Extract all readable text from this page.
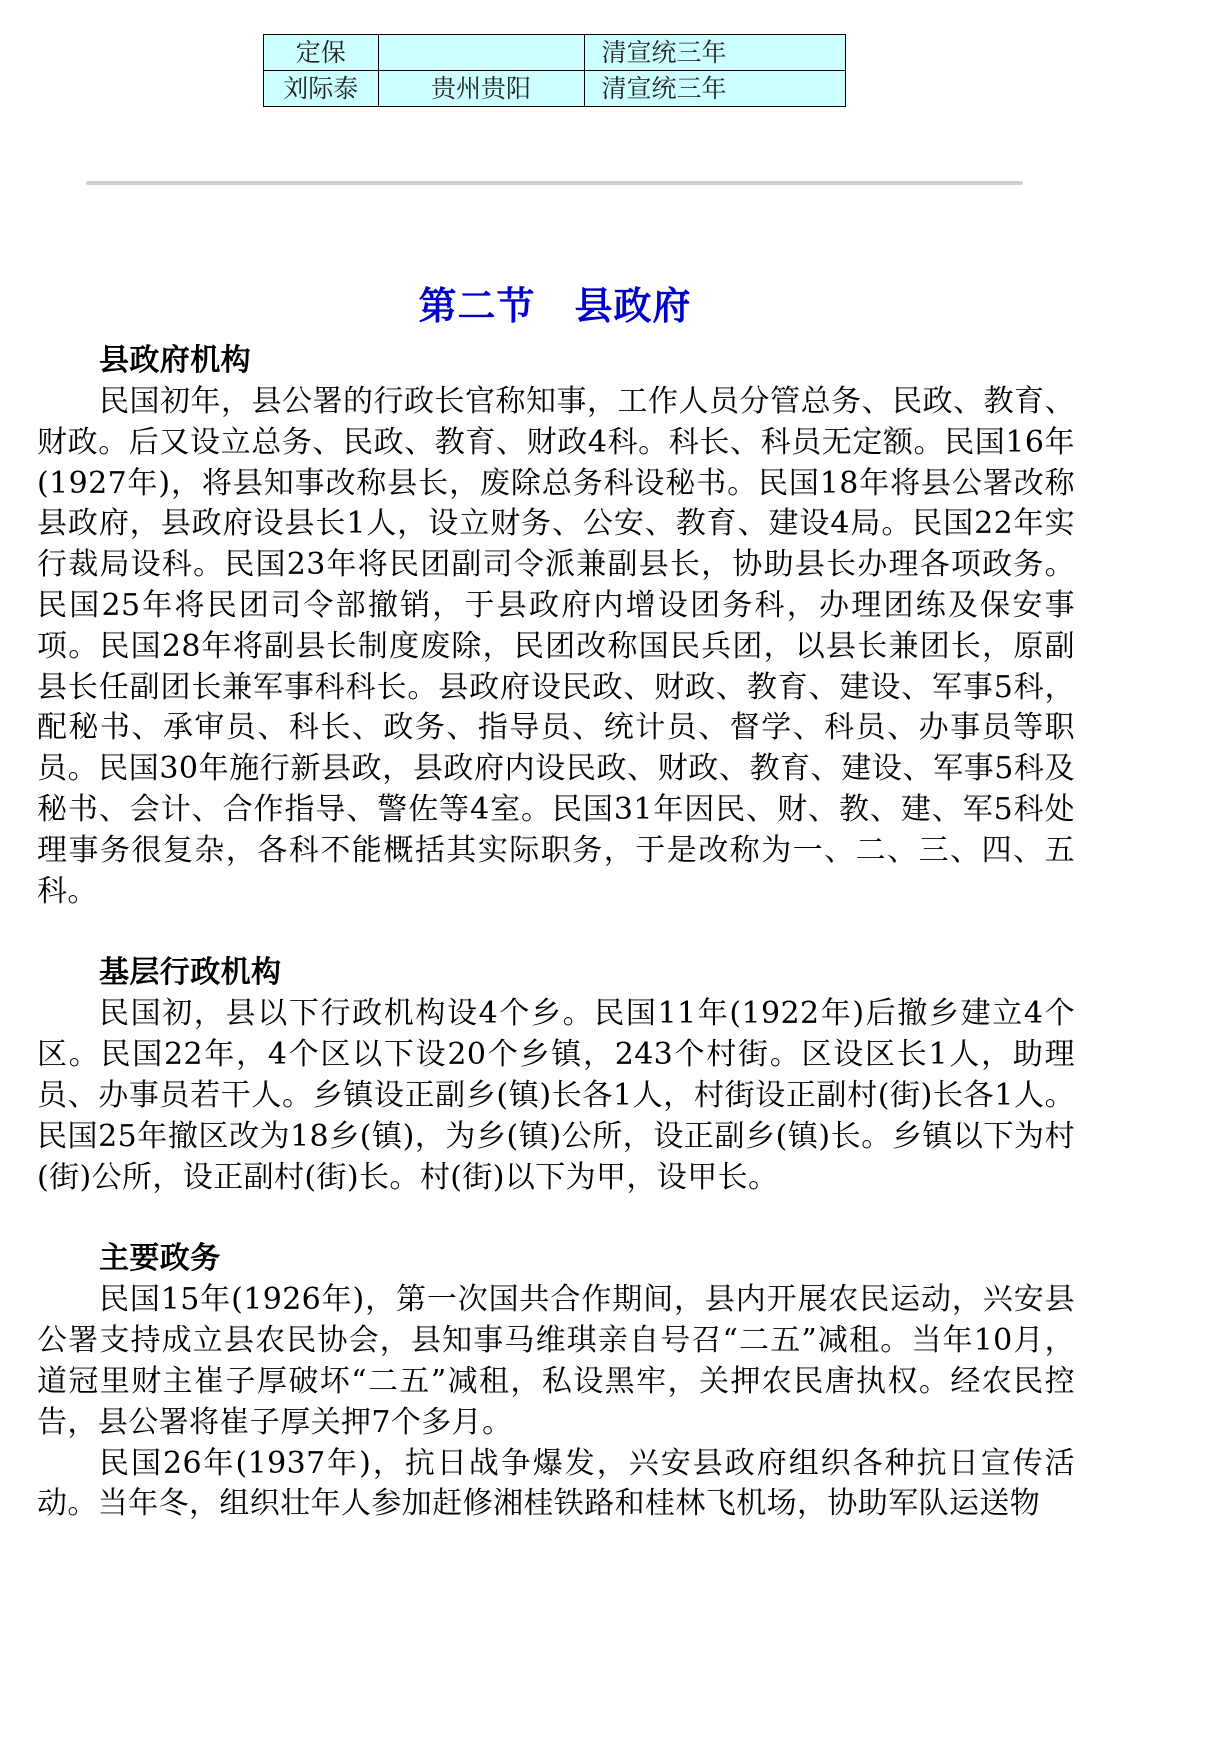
定保		清宣统三年
刘际泰	贵州贵阳	清宣统三年
第二节　县政府
县政府机构

民国初年，县公署的行政长官称知事，工作人员分管总务、民政、教育、财政。后又设立总务、民政、教育、财政4科。科长、科员无定额。民国16年(1927年)，将县知事改称县长，废除总务科设秘书。民国18年将县公署改称县政府，县政府设县长1人，设立财务、公安、教育、建设4局。民国22年实行裁局设科。民国23年将民团副司令派兼副县长，协助县长办理各项政务。民国25年将民团司令部撤销，于县政府内增设团务科，办理团练及保安事项。民国28年将副县长制度废除，民团改称国民兵团，以县长兼团长，原副县长任副团长兼军事科科长。县政府设民政、财政、教育、建设、军事5科，配秘书、承审员、科长、政务、指导员、统计员、督学、科员、办事员等职员。民国30年施行新县政，县政府内设民政、财政、教育、建设、军事5科及秘书、会计、合作指导、警佐等4室。民国31年因民、财、教、建、军5科处理事务很复杂，各科不能概括其实际职务，于是改称为一、二、三、四、五科。

基层行政机构

民国初，县以下行政机构设4个乡。民国11年(1922年)后撤乡建立4个区。民国22年，4个区以下设20个乡镇，243个村街。区设区长1人，助理员、办事员若干人。乡镇设正副乡(镇)长各1人，村街设正副村(街)长各1人。民国25年撤区改为18乡(镇)，为乡(镇)公所，设正副乡(镇)长。乡镇以下为村(街)公所，设正副村(街)长。村(街)以下为甲，设甲长。

主要政务

民国15年(1926年)，第一次国共合作期间，县内开展农民运动，兴安县公署支持成立县农民协会，县知事马维琪亲自号召“二五”减租。当年10月，道冠里财主崔子厚破坏“二五”减租，私设黑牢，关押农民唐执权。经农民控告，县公署将崔子厚关押7个多月。

民国26年(1937年)，抗日战争爆发，兴安县政府组织各种抗日宣传活动。当年冬，组织壮年人参加赶修湘桂铁路和桂林飞机场，协助军队运送物
